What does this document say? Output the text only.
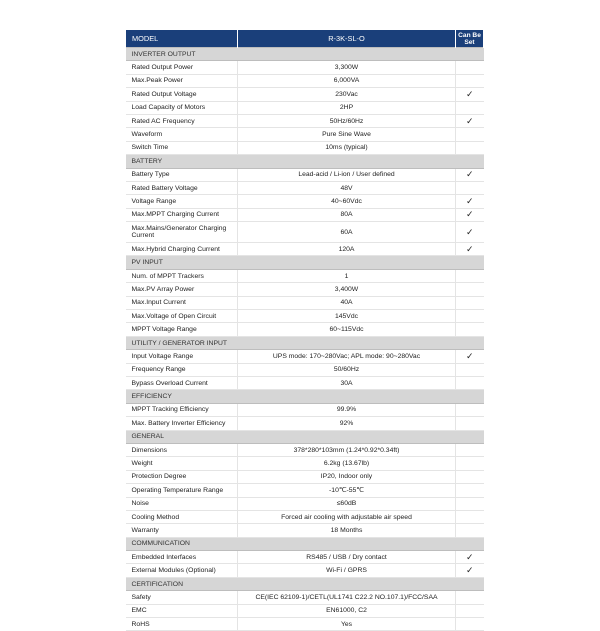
MODEL	R-3K-SL-O	Can Be Set
INVERTER OUTPUT		
Rated Output Power	3,300W	
Max.Peak Power	6,000VA	
Rated Output Voltage	230Vac	✓
Load Capacity of Motors	2HP	
Rated AC Frequency	50Hz/60Hz	✓
Waveform	Pure Sine Wave	
Switch Time	10ms (typical)	
BATTERY		
Battery Type	Lead-acid / Li-ion / User defined	✓
Rated Battery Voltage	48V	
Voltage Range	40~60Vdc	✓
Max.MPPT Charging Current	80A	✓
Max.Mains/Generator Charging Current	60A	✓
Max.Hybrid Charging Current	120A	✓
PV INPUT		
Num. of MPPT Trackers	1	
Max.PV Array Power	3,400W	
Max.Input Current	40A	
Max.Voltage of Open Circuit	145Vdc	
MPPT Voltage Range	60~115Vdc	
UTILITY / GENERATOR INPUT		
Input Voltage Range	UPS mode: 170~280Vac; APL mode: 90~280Vac	✓
Frequency Range	50/60Hz	
Bypass Overload Current	30A	
EFFICIENCY		
MPPT Tracking Efficiency	99.9%	
Max. Battery Inverter Efficiency	92%	
GENERAL		
Dimensions	378*280*103mm (1.24*0.92*0.34ft)	
Weight	6.2kg (13.67lb)	
Protection Degree	IP20, Indoor only	
Operating Temperature Range	-10℃-55℃	
Noise	≤60dB	
Cooling Method	Forced air cooling with adjustable air speed	
Warranty	18 Months	
COMMUNICATION		
Embedded Interfaces	RS485 / USB / Dry contact	✓
External Modules (Optional)	Wi-Fi / GPRS	✓
CERTIFICATION		
Safety	CE(IEC 62109-1)/CETL(UL1741 C22.2 NO.107.1)/FCC/SAA	
EMC	EN61000, C2	
RoHS	Yes	
